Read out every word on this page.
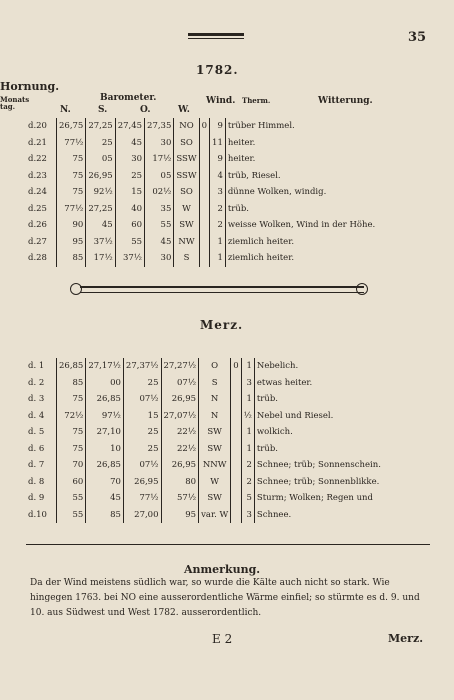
35
1782.
Hornung.
Monats tag.
Barometer.
N.	S.	O.	W.
Wind. Therm.	Witterung.
d.20	26,75	27,25	27,45	27,35	NO	0	9	trüber Himmel.
d.21	77½	25	45	30	SO		11	heiter.
d.22	75	05	30	17½	SSW		9	heiter.
d.23	75	26,95	25	05	SSW		4	trüb, Riesel.
d.24	75	92½	15	02½	SO		3	dünne Wolken, windig.
d.25	77½	27,25	40	35	W		2	trüb.
d.26	90	45	60	55	SW		2	weisse Wolken, Wind in der Höhe.
d.27	95	37½	55	45	NW		1	ziemlich heiter.
d.28	85	17½	37½	30	S		1	ziemlich heiter.
Merz.
d. 1	26,85	27,17½	27,37½	27,27½	O	0	1	Nebelich.
d. 2	85	00	25	07½	S		3	etwas heiter.
d. 3	75	26,85	07½	26,95	N		1	trüb.
d. 4	72½	97½	15	27,07½	N		½	Nebel und Riesel.
d. 5	75	27,10	25	22½	SW		1	wolkich.
d. 6	75	10	25	22½	SW		1	trüb.
d. 7	70	26,85	07½	26,95	NNW		2	Schnee; trüb; Sonnenschein.
d. 8	60	70	26,95	80	W		2	Schnee; trüb; Sonnenblikke.
d. 9	55	45	77½	57½	SW		5	Sturm; Wolken; Regen und
d.10	55	85	27,00	95	var. W		3	Schnee.
Anmerkung.
Da der Wind meistens südlich war, so wurde die Kälte auch nicht so stark. Wie hingegen 1763. bei NO eine ausserordentliche Wärme einfiel; so stürmte es d. 9. und 10. aus Südwest und West 1782. ausserordentlich.
E 2	Merz.
